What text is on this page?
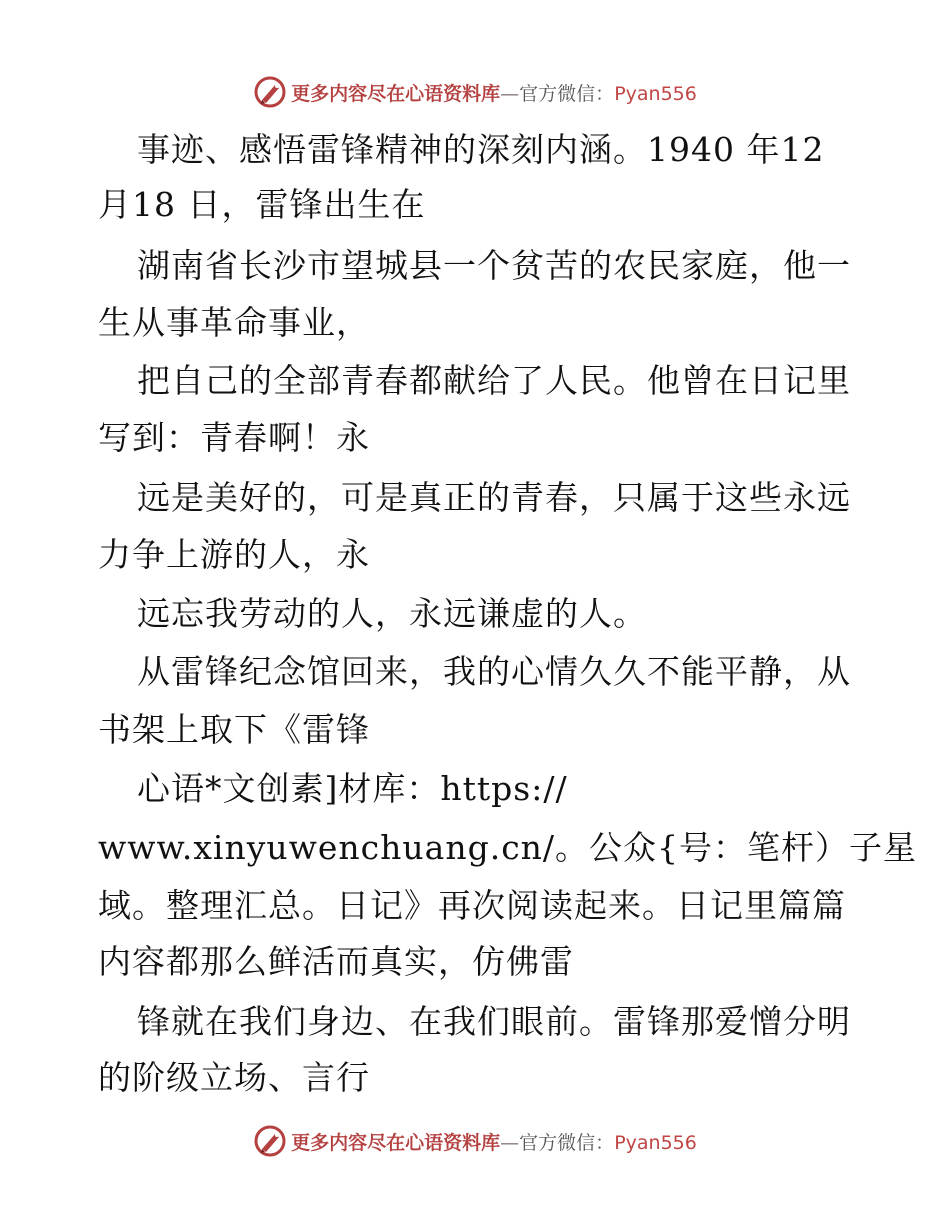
更多内容尽在心语资料库—官方微信：Pyan556
事迹、感悟雷锋精神的深刻内涵。1940 年12
月18 日，雷锋出生在
湖南省长沙市望城县一个贫苦的农民家庭，他一
生从事革命事业，
把自己的全部青春都献给了人民。他曾在日记里
写到：青春啊！永
远是美好的，可是真正的青春，只属于这些永远
力争上游的人，永
远忘我劳动的人，永远谦虚的人。
从雷锋纪念馆回来，我的心情久久不能平静，从
书架上取下《雷锋
心语*文创素]材库：https://
www.xinyuwenchuang.cn/。公众{号：笔杆）子星
域。整理汇总。日记》再次阅读起来。日记里篇篇
内容都那么鲜活而真实，仿佛雷
锋就在我们身边、在我们眼前。雷锋那爱憎分明
的阶级立场、言行
更多内容尽在心语资料库—官方微信：Pyan556
